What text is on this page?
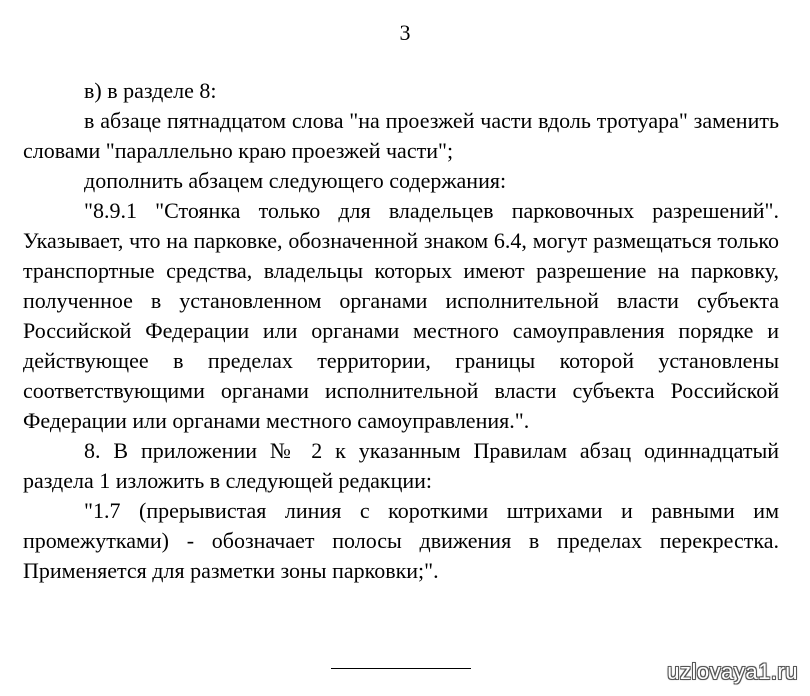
3

в) в разделе 8:

в абзаце пятнадцатом слова "на проезжей части вдоль тротуара" заменить словами "параллельно краю проезжей части";

дополнить абзацем следующего содержания:

"8.9.1 "Стоянка только для владельцев парковочных разрешений". Указывает, что на парковке, обозначенной знаком 6.4, могут размещаться только транспортные средства, владельцы которых имеют разрешение на парковку, полученное в установленном органами исполнительной власти субъекта Российской Федерации или органами местного самоуправления порядке и действующее в пределах территории, границы которой установлены соответствующими органами исполнительной власти субъекта Российской Федерации или органами местного самоуправления.".

8. В приложении № 2 к указанным Правилам абзац одиннадцатый раздела 1 изложить в следующей редакции:

"1.7 (прерывистая линия с короткими штрихами и равными им промежутками) - обозначает полосы движения в пределах перекрестка. Применяется для разметки зоны парковки;".

uzlovaya1.ru
